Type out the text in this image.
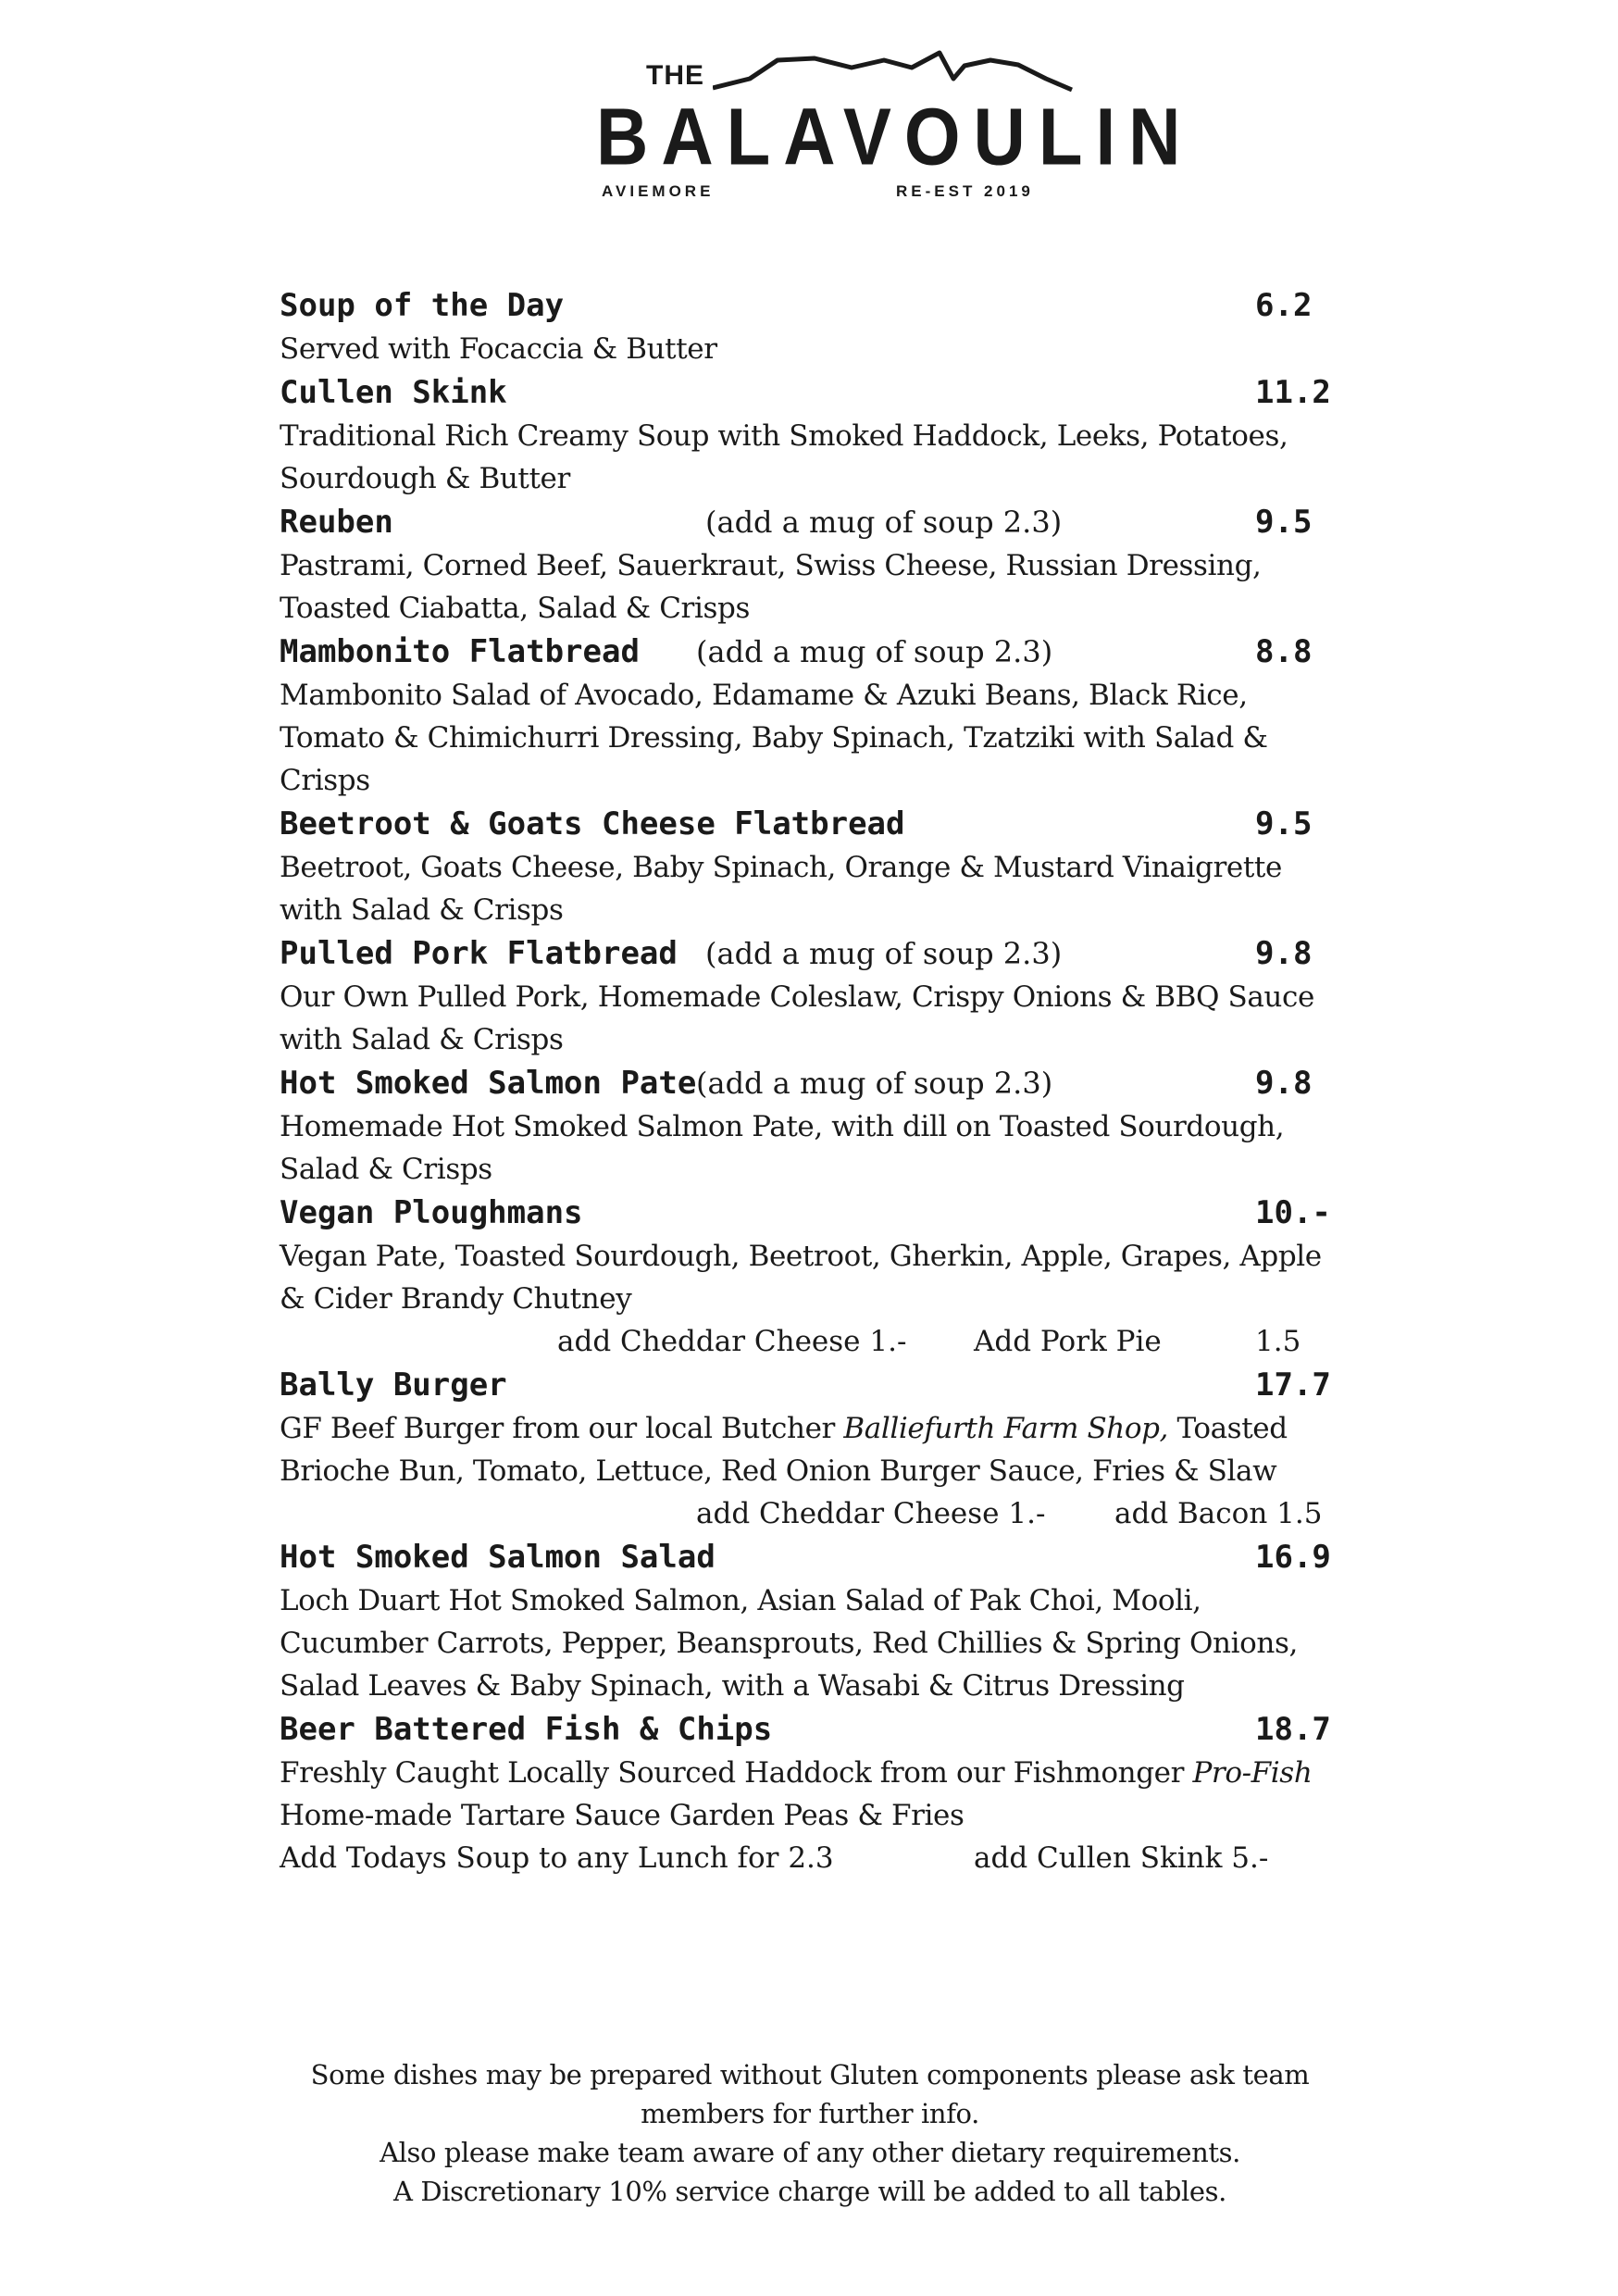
THE
BALAVOULIN
AVIEMORE	RE-EST 2019
Soup of the Day	6.2
Served with Focaccia & Butter
Cullen Skink	11.2
Traditional Rich Creamy Soup with Smoked Haddock, Leeks, Potatoes,
Sourdough & Butter
Reuben	(add a mug of soup 2.3)	9.5
Pastrami, Corned Beef, Sauerkraut, Swiss Cheese, Russian Dressing,
Toasted Ciabatta, Salad & Crisps
Mambonito Flatbread (add a mug of soup 2.3)	8.8
Mambonito Salad of Avocado, Edamame & Azuki Beans, Black Rice,
Tomato & Chimichurri Dressing, Baby Spinach, Tzatziki with Salad &
Crisps
Beetroot & Goats Cheese Flatbread	9.5
Beetroot, Goats Cheese, Baby Spinach, Orange & Mustard Vinaigrette
with Salad & Crisps
Pulled Pork Flatbread (add a mug of soup 2.3)	9.8
Our Own Pulled Pork, Homemade Coleslaw, Crispy Onions & BBQ Sauce
with Salad & Crisps
Hot Smoked Salmon Pate (add a mug of soup 2.3)	9.8
Homemade Hot Smoked Salmon Pate, with dill on Toasted Sourdough,
Salad & Crisps
Vegan Ploughmans	10.-
Vegan Pate, Toasted Sourdough, Beetroot, Gherkin, Apple, Grapes, Apple
& Cider Brandy Chutney
add Cheddar Cheese 1.- Add Pork Pie	1.5
Bally Burger	17.7
GF Beef Burger from our local Butcher Balliefurth Farm Shop, Toasted
Brioche Bun, Tomato, Lettuce, Red Onion Burger Sauce, Fries & Slaw
add Cheddar Cheese 1.- add Bacon 1.5
Hot Smoked Salmon Salad	16.9
Loch Duart Hot Smoked Salmon, Asian Salad of Pak Choi, Mooli,
Cucumber Carrots, Pepper, Beansprouts, Red Chillies & Spring Onions,
Salad Leaves & Baby Spinach, with a Wasabi & Citrus Dressing
Beer Battered Fish & Chips	18.7
Freshly Caught Locally Sourced Haddock from our Fishmonger Pro-Fish
Home-made Tartare Sauce Garden Peas & Fries
Add Todays Soup to any Lunch for 2.3	add Cullen Skink 5.-
Some dishes may be prepared without Gluten components please ask team
members for further info.
Also please make team aware of any other dietary requirements.
A Discretionary 10% service charge will be added to all tables.
